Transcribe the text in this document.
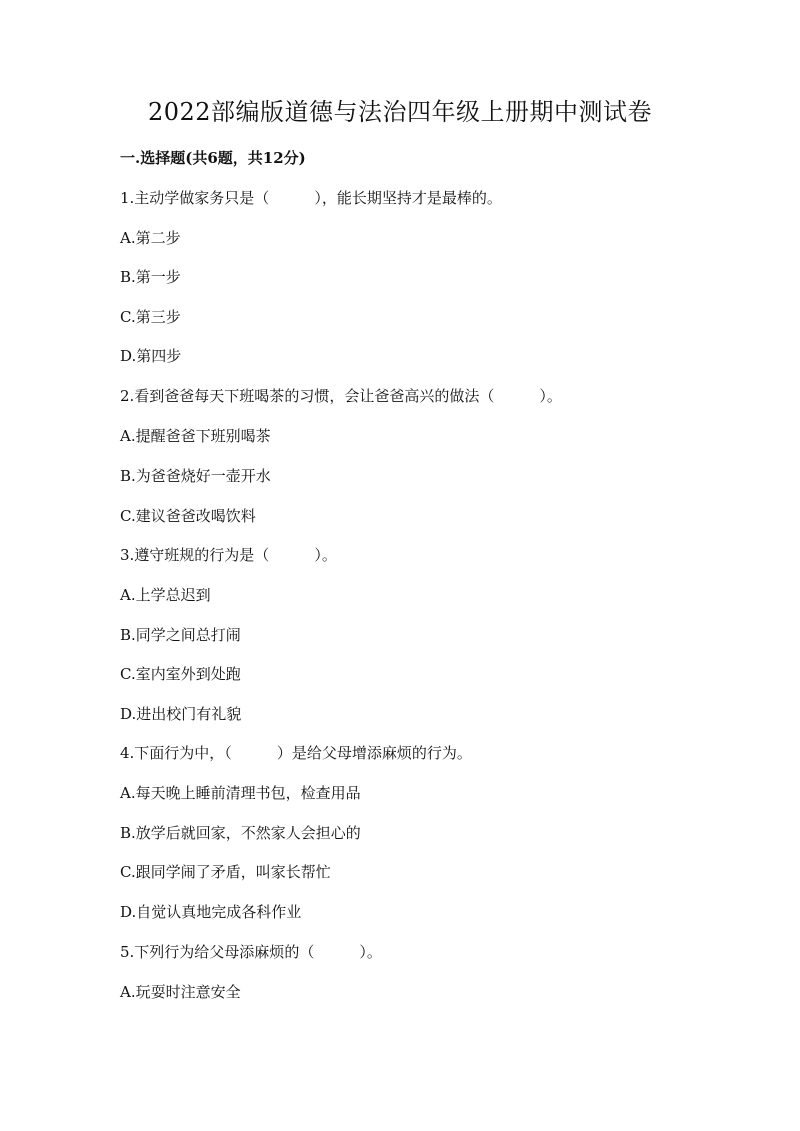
2022部编版道德与法治四年级上册期中测试卷
一.选择题(共6题，共12分)
1.主动学做家务只是（　　　），能长期坚持才是最棒的。
A.第二步
B.第一步
C.第三步
D.第四步
2.看到爸爸每天下班喝茶的习惯，会让爸爸高兴的做法（　　　）。
A.提醒爸爸下班别喝茶
B.为爸爸烧好一壶开水
C.建议爸爸改喝饮料
3.遵守班规的行为是（　　　）。
A.上学总迟到
B.同学之间总打闹
C.室内室外到处跑
D.进出校门有礼貌
4.下面行为中，（　　　）是给父母增添麻烦的行为。
A.每天晚上睡前清理书包，检查用品
B.放学后就回家，不然家人会担心的
C.跟同学闹了矛盾，叫家长帮忙
D.自觉认真地完成各科作业
5.下列行为给父母添麻烦的（　　　）。
A.玩耍时注意安全
